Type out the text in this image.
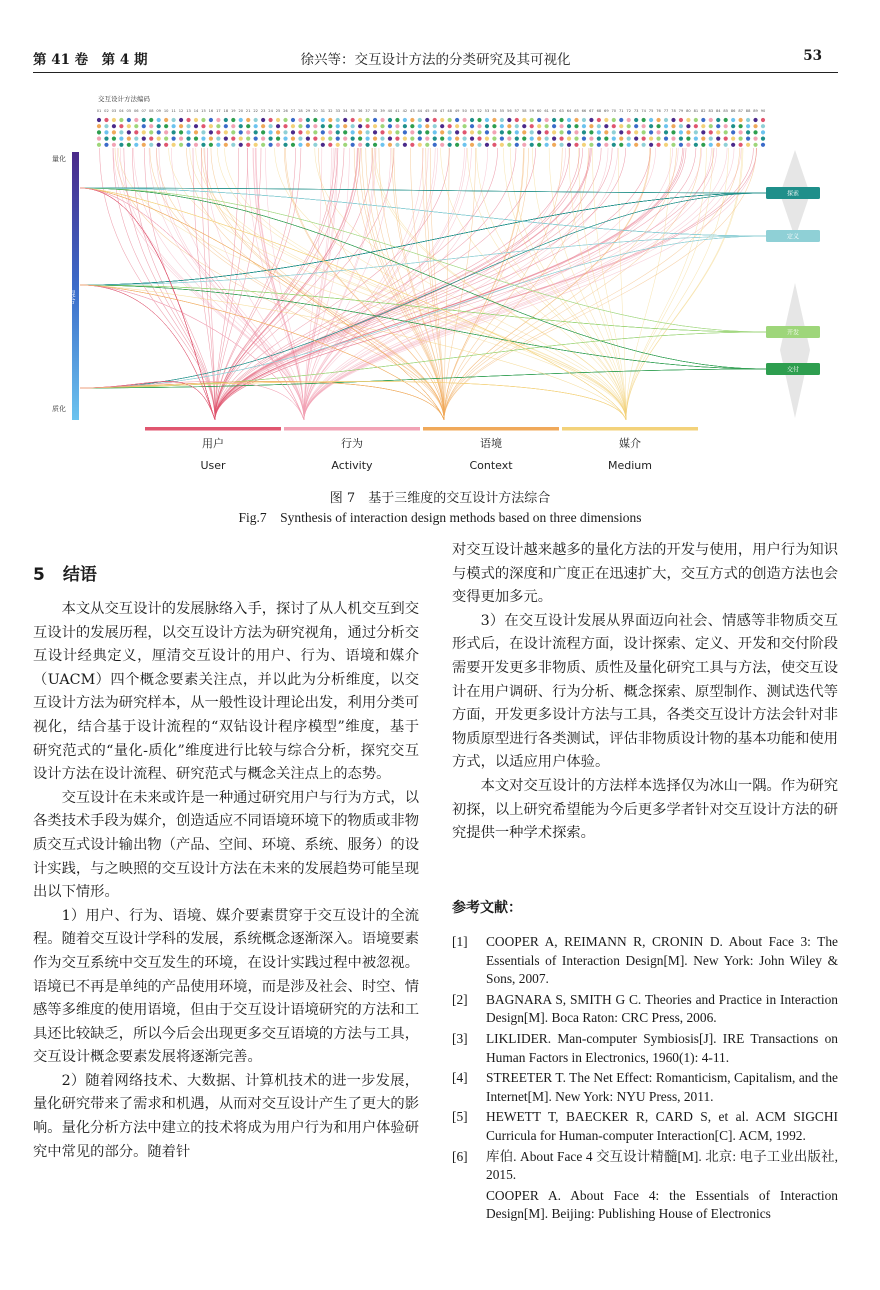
第 41 卷　第 4 期	徐兴等：交互设计方法的分类研究及其可视化	53
交互设计方法编码
01 02 03 04 05 06 07 08 09 10 11 12 13 14 15 16 17 18 19 20 21 22 23 24 25 26 27 28 29 30 31 32 33 34 35 36 37 38 39 40 41 42 43 44 45 46 47 48 49 50 51 52 53 54 55 56 57 58 59 60 61 62 63 64 65 66 67 68 69 70 71 72 73 74 75 76 77 78 79 80 81 82 83 84 85 86 87 88 89 90
量化
混合
质化
探索
定义
开发
交付
用户
User
行为
Activity
语境
Context
媒介
Medium
图 7　基于三维度的交互设计方法综合
Fig.7　Synthesis of interaction design methods based on three dimensions
5 结语

本文从交互设计的发展脉络入手，探讨了从人机交互到交互设计的发展历程，以交互设计方法为研究视角，通过分析交互设计经典定义，厘清交互设计的用户、行为、语境和媒介（UACM）四个概念要素关注点，并以此为分析维度，以交互设计方法为研究样本，从一般性设计理论出发，利用分类可视化，结合基于设计流程的“双钻设计程序模型”维度，基于研究范式的“量化-质化”维度进行比较与综合分析，探究交互设计方法在设计流程、研究范式与概念关注点上的态势。

交互设计在未来或许是一种通过研究用户与行为方式，以各类技术手段为媒介，创造适应不同语境环境下的物质或非物质交互式设计输出物（产品、空间、环境、系统、服务）的设计实践，与之映照的交互设计方法在未来的发展趋势可能呈现出以下情形。

1）用户、行为、语境、媒介要素贯穿于交互设计的全流程。随着交互设计学科的发展，系统概念逐渐深入。语境要素作为交互系统中交互发生的环境，在设计实践过程中被忽视。语境已不再是单纯的产品使用环境，而是涉及社会、时空、情感等多维度的使用语境，但由于交互设计语境研究的方法和工具还比较缺乏，所以今后会出现更多交互语境的方法与工具，交互设计概念要素发展将逐渐完善。

2）随着网络技术、大数据、计算机技术的进一步发展，量化研究带来了需求和机遇，从而对交互设计产生了更大的影响。量化分析方法中建立的技术将成为用户行为和用户体验研究中常见的部分。随着针

对交互设计越来越多的量化方法的开发与使用，用户行为知识与模式的深度和广度正在迅速扩大，交互方式的创造方法也会变得更加多元。

3）在交互设计发展从界面迈向社会、情感等非物质交互形式后，在设计流程方面，设计探索、定义、开发和交付阶段需要开发更多非物质、质性及量化研究工具与方法，使交互设计在用户调研、行为分析、概念探索、原型制作、测试迭代等方面，开发更多设计方法与工具，各类交互设计方法会针对非物质原型进行各类测试，评估非物质设计物的基本功能和使用方式，以适应用户体验。

本文对交互设计的方法样本选择仅为冰山一隅。作为研究初探，以上研究希望能为今后更多学者针对交互设计方法的研究提供一种学术探索。

参考文献：
[1] COOPER A, REIMANN R, CRONIN D. About Face 3: The Essentials of Interaction Design[M]. New York: John Wiley & Sons, 2007.
[2] BAGNARA S, SMITH G C. Theories and Practice in Interaction Design[M]. Boca Raton: CRC Press, 2006.
[3] LIKLIDER. Man-computer Symbiosis[J]. IRE Transactions on Human Factors in Electronics, 1960(1): 4-11.
[4] STREETER T. The Net Effect: Romanticism, Capitalism, and the Internet[M]. New York: NYU Press, 2011.
[5] HEWETT T, BAECKER R, CARD S, et al. ACM SIGCHI Curricula for Human-computer Interaction[C]. ACM, 1992.
[6] 库伯. About Face 4 交互设计精髓[M]. 北京: 电子工业出版社, 2015.
COOPER A. About Face 4: the Essentials of Interaction Design[M]. Beijing: Publishing House of Electronics
